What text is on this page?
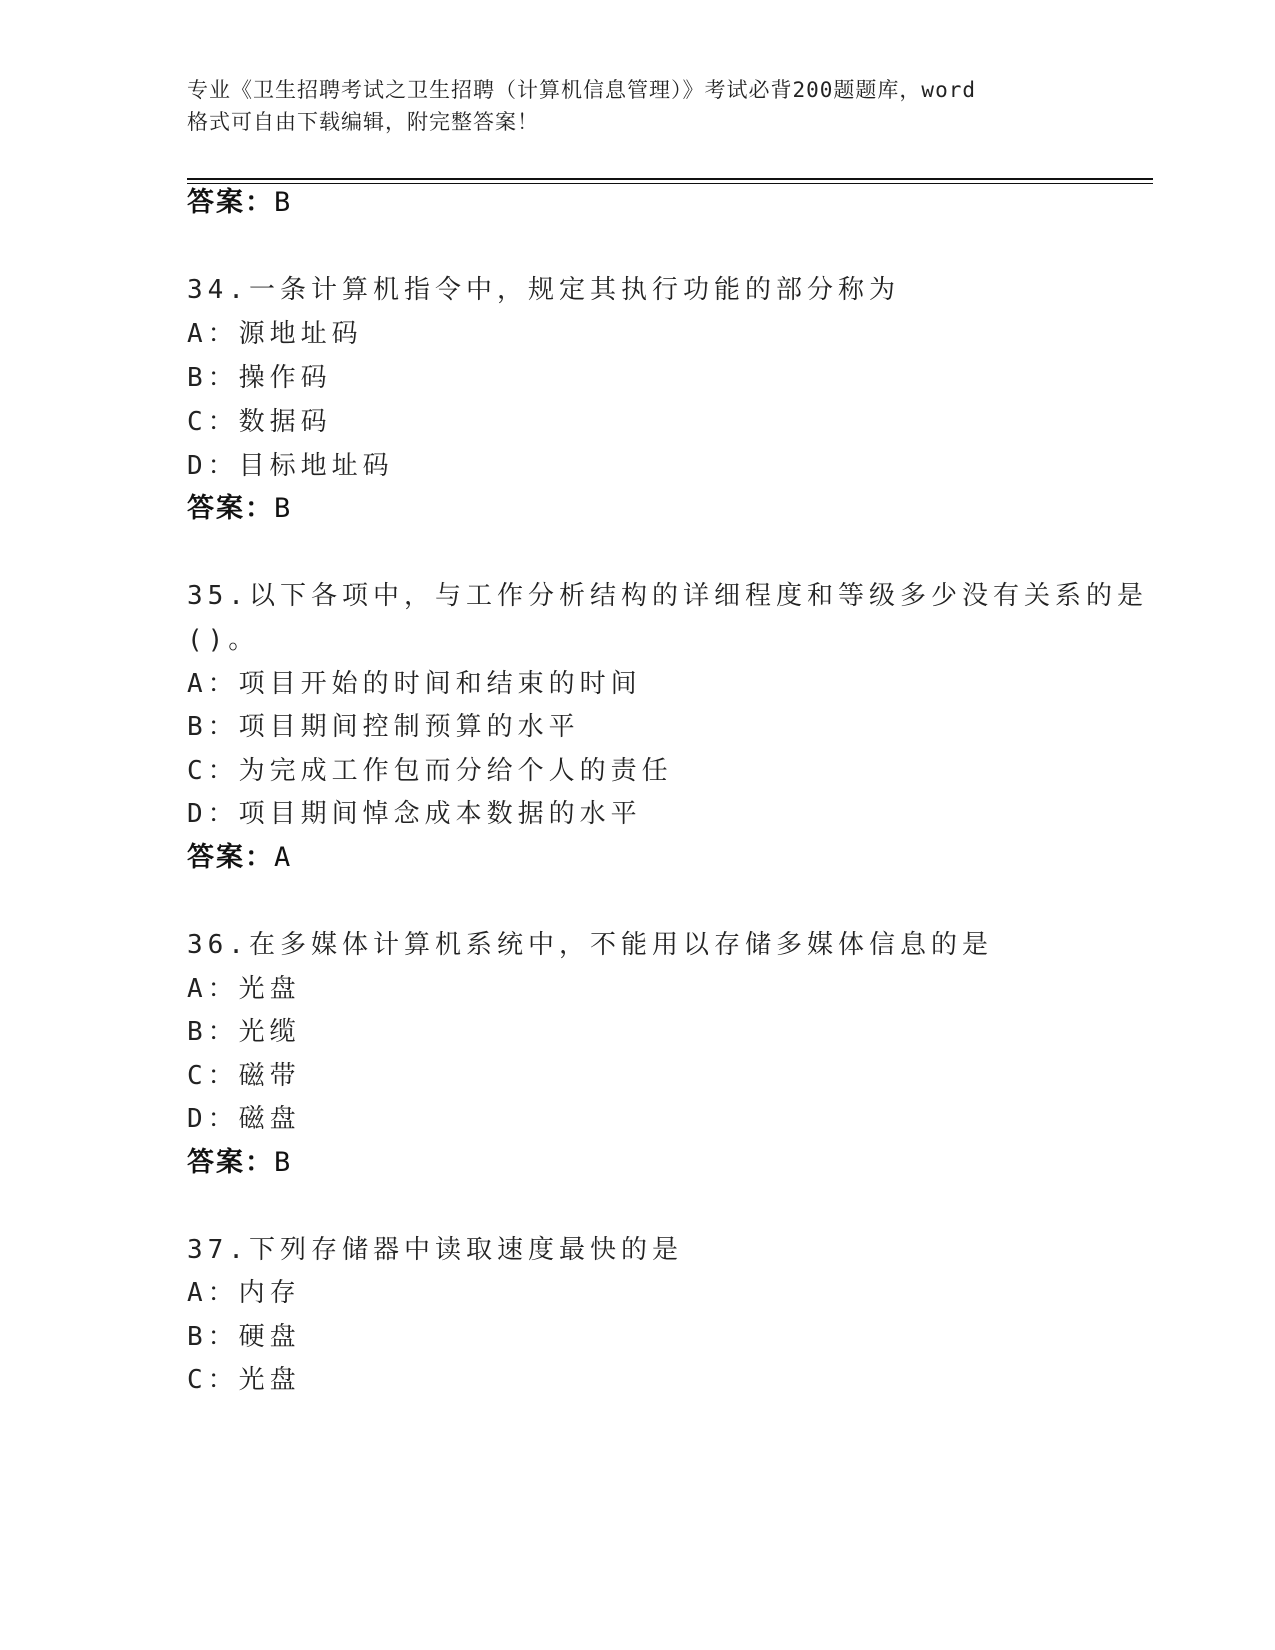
专业《卫生招聘考试之卫生招聘（计算机信息管理）》考试必背200题题库，word
格式可自由下载编辑，附完整答案！
答案：B
34.一条计算机指令中，规定其执行功能的部分称为
A：源地址码
B：操作码
C：数据码
D：目标地址码
答案：B
35.以下各项中，与工作分析结构的详细程度和等级多少没有关系的是
()。
A：项目开始的时间和结束的时间
B：项目期间控制预算的水平
C：为完成工作包而分给个人的责任
D：项目期间悼念成本数据的水平
答案：A
36.在多媒体计算机系统中，不能用以存储多媒体信息的是
A：光盘
B：光缆
C：磁带
D：磁盘
答案：B
37.下列存储器中读取速度最快的是
A：内存
B：硬盘
C：光盘
